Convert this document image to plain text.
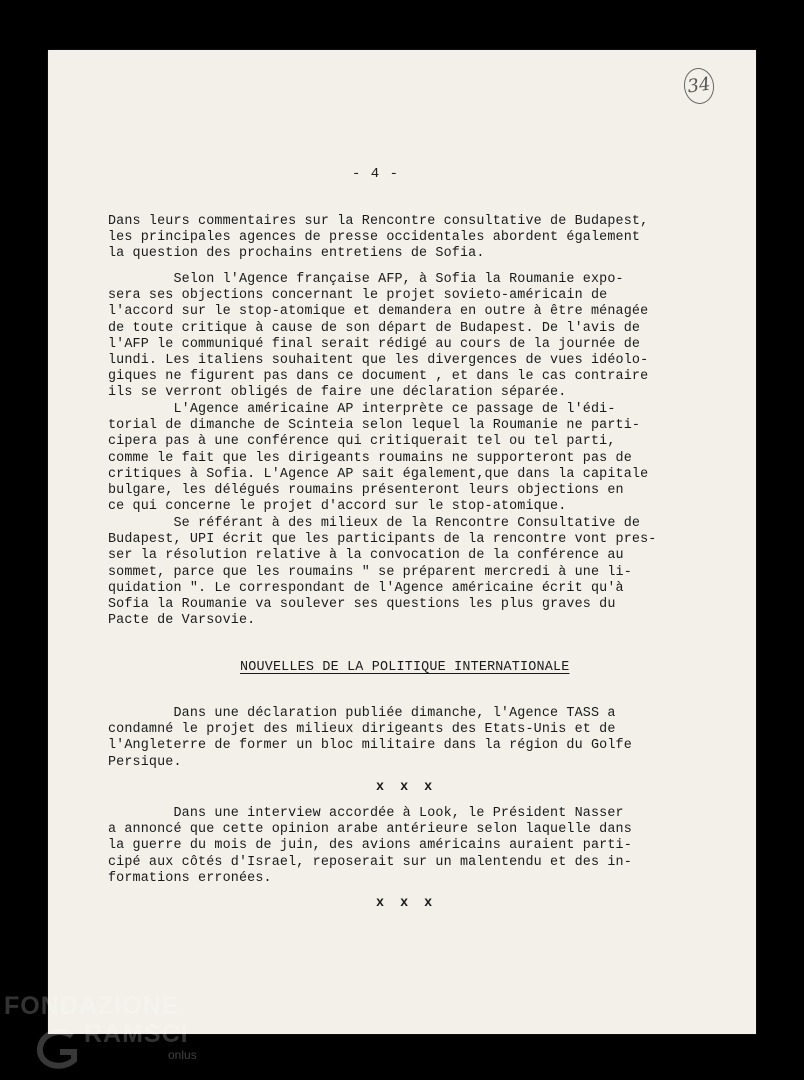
34
- 4 -

Dans leurs commentaires sur la Rencontre consultative de Budapest,

les principales agences de presse occidentales abordent également

la question des prochains entretiens de Sofia.

Selon l'Agence française AFP, à Sofia la Roumanie expo-

sera ses objections concernant le projet sovieto-américain de

l'accord sur le stop-atomique et demandera en outre à être ménagée

de toute critique à cause de son départ de Budapest. De l'avis de

l'AFP le communiqué final serait rédigé au cours de la journée de

lundi. Les italiens souhaitent que les divergences de vues idéolo-

giques ne figurent pas dans ce document , et dans le cas contraire

ils se verront obligés de faire une déclaration séparée.

L'Agence américaine AP interprète ce passage de l'édi-

torial de dimanche de Scinteia selon lequel la Roumanie ne parti-

cipera pas à une conférence qui critiquerait tel ou tel parti,

comme le fait que les dirigeants roumains ne supporteront pas de

critiques à Sofia. L'Agence AP sait également,que dans la capitale

bulgare, les délégués roumains présenteront leurs objections en

ce qui concerne le projet d'accord sur le stop-atomique.

Se référant à des milieux de la Rencontre Consultative de

Budapest, UPI écrit que les participants de la rencontre vont pres-

ser la résolution relative à la convocation de la conférence au

sommet, parce que les roumains " se préparent mercredi à une li-

quidation ". Le correspondant de l'Agence américaine écrit qu'à

Sofia la Roumanie va soulever ses questions les plus graves du

Pacte de Varsovie.

NOUVELLES DE LA POLITIQUE INTERNATIONALE

Dans une déclaration publiée dimanche, l'Agence TASS a

condamné le projet des milieux dirigeants des Etats-Unis et de

l'Angleterre de former un bloc militaire dans la région du Golfe

Persique.

x x x

Dans une interview accordée à Look, le Président Nasser

a annoncé que cette opinion arabe antérieure selon laquelle dans

la guerre du mois de juin, des avions américains auraient parti-

cipé aux côtés d'Israel, reposerait sur un malentendu et des in-

formations erronées.

x x x
FONDAZIONE
RAMSCI
onlus
